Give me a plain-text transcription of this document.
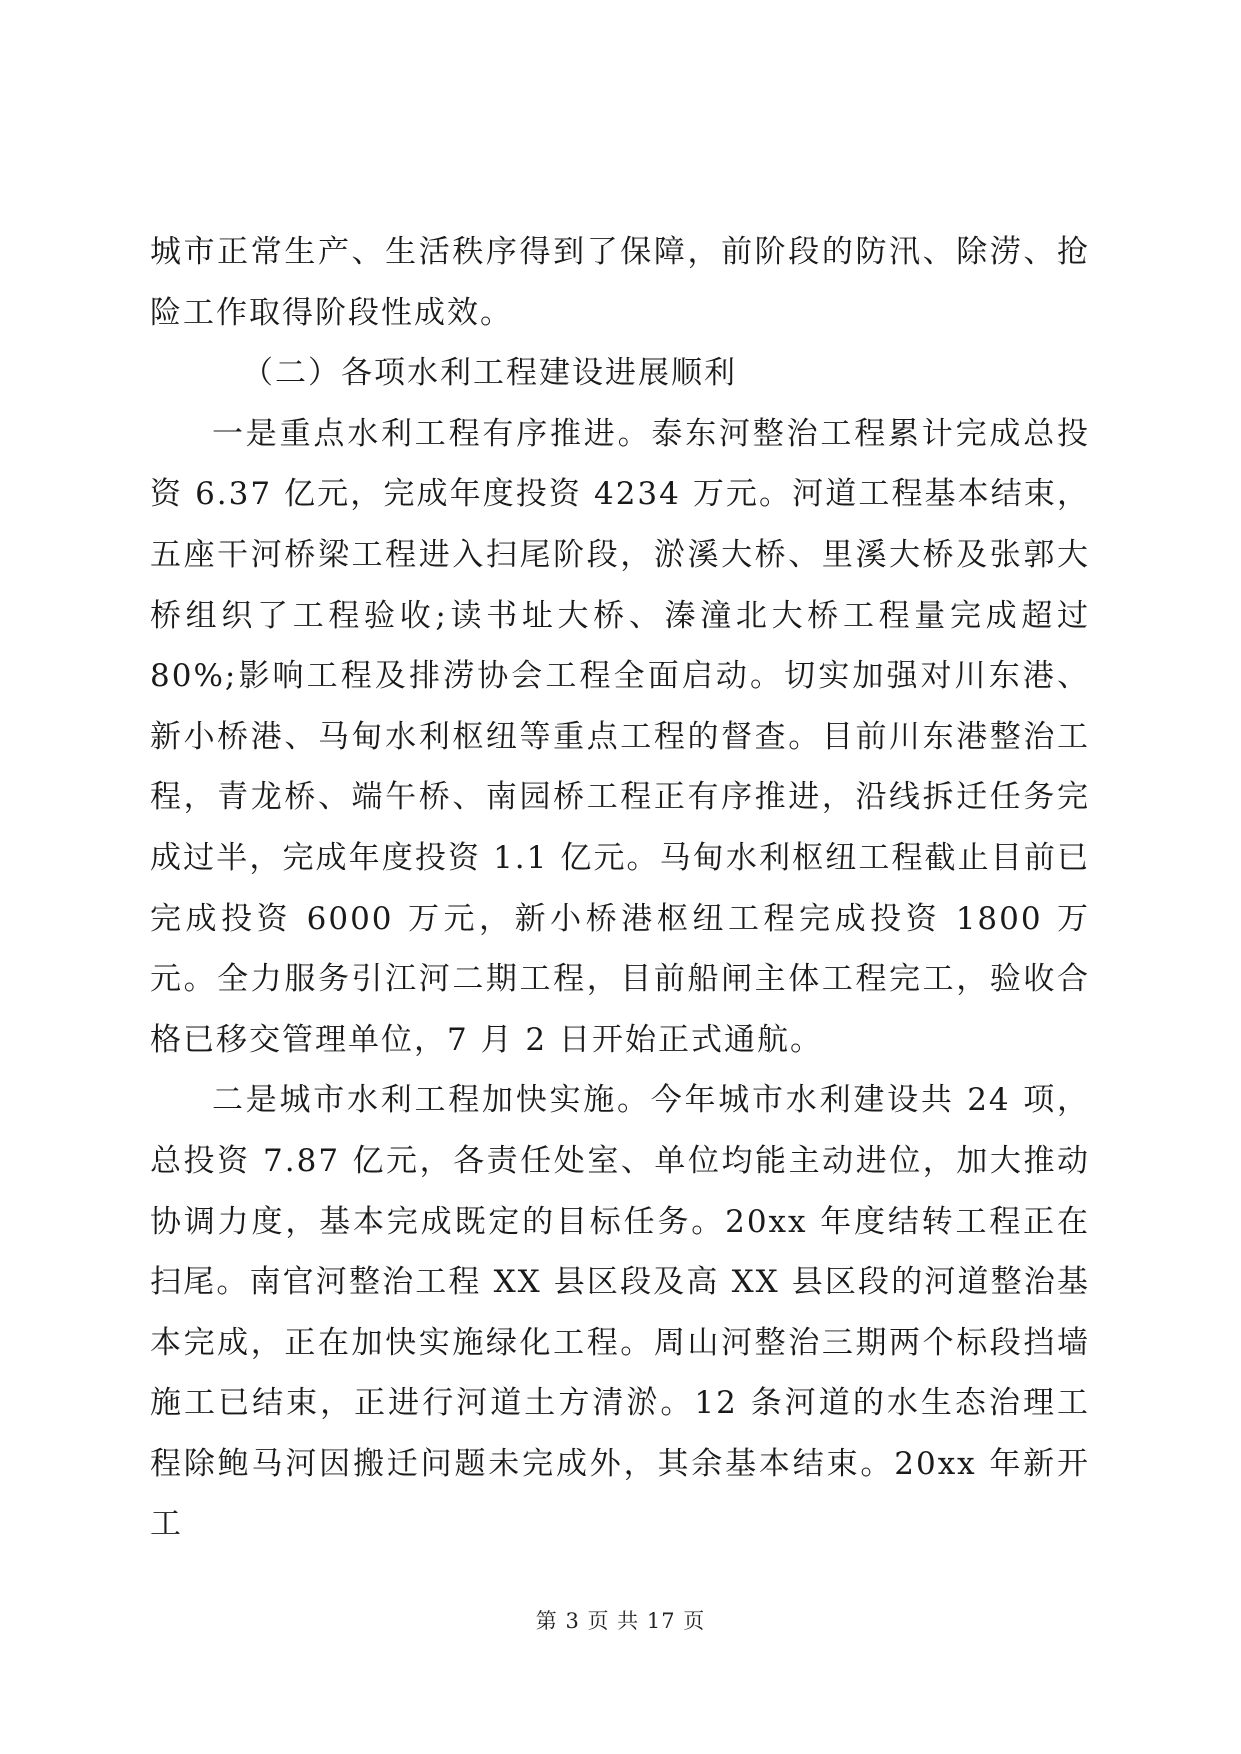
城市正常生产、生活秩序得到了保障，前阶段的防汛、除涝、抢险工作取得阶段性成效。

（二）各项水利工程建设进展顺利

一是重点水利工程有序推进。泰东河整治工程累计完成总投资 6.37 亿元，完成年度投资 4234 万元。河道工程基本结束，五座干河桥梁工程进入扫尾阶段，淤溪大桥、里溪大桥及张郭大桥组织了工程验收;读书址大桥、溱潼北大桥工程量完成超过 80%;影响工程及排涝协会工程全面启动。切实加强对川东港、新小桥港、马甸水利枢纽等重点工程的督查。目前川东港整治工程，青龙桥、端午桥、南园桥工程正有序推进，沿线拆迁任务完成过半，完成年度投资 1.1 亿元。马甸水利枢纽工程截止目前已完成投资 6000 万元，新小桥港枢纽工程完成投资 1800 万元。全力服务引江河二期工程，目前船闸主体工程完工，验收合格已移交管理单位，7 月 2 日开始正式通航。

二是城市水利工程加快实施。今年城市水利建设共 24 项，总投资 7.87 亿元，各责任处室、单位均能主动进位，加大推动协调力度，基本完成既定的目标任务。20xx 年度结转工程正在扫尾。南官河整治工程 XX 县区段及高 XX 县区段的河道整治基本完成，正在加快实施绿化工程。周山河整治三期两个标段挡墙施工已结束，正进行河道土方清淤。12 条河道的水生态治理工程除鲍马河因搬迁问题未完成外，其余基本结束。20xx 年新开工

第 3 页 共 17 页
